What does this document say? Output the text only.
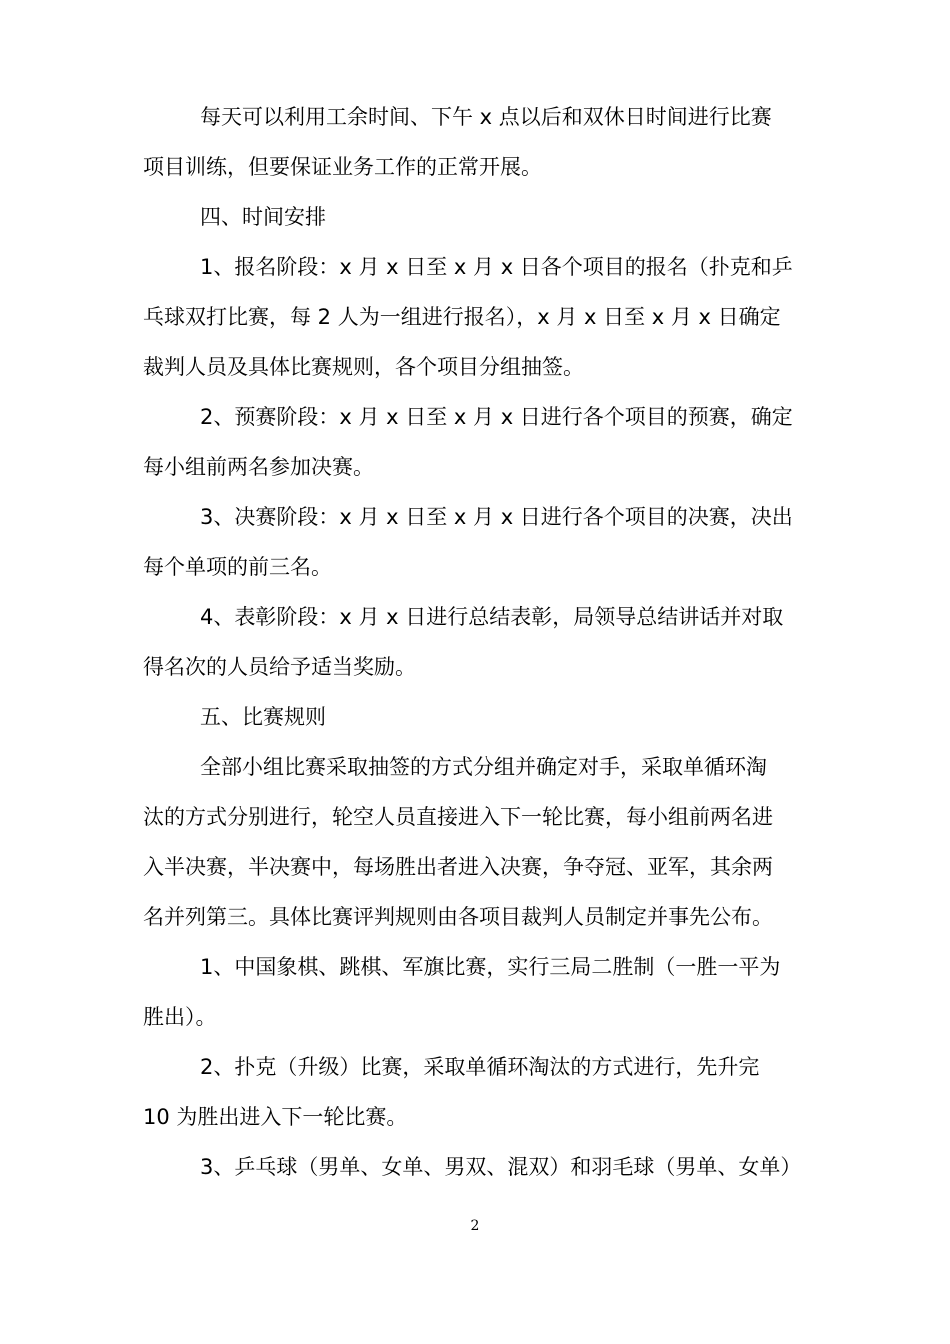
每天可以利用工余时间、下午 x 点以后和双休日时间进行比赛
项目训练，但要保证业务工作的正常开展。
四、时间安排
1、报名阶段：x 月 x 日至 x 月 x 日各个项目的报名（扑克和乒
乓球双打比赛，每 2 人为一组进行报名），x 月 x 日至 x 月 x 日确定
裁判人员及具体比赛规则，各个项目分组抽签。
2、预赛阶段：x 月 x 日至 x 月 x 日进行各个项目的预赛，确定
每小组前两名参加决赛。
3、决赛阶段：x 月 x 日至 x 月 x 日进行各个项目的决赛，决出
每个单项的前三名。
4、表彰阶段：x 月 x 日进行总结表彰，局领导总结讲话并对取
得名次的人员给予适当奖励。
五、比赛规则
全部小组比赛采取抽签的方式分组并确定对手，采取单循环淘
汰的方式分别进行，轮空人员直接进入下一轮比赛，每小组前两名进
入半决赛，半决赛中，每场胜出者进入决赛，争夺冠、亚军，其余两
名并列第三。具体比赛评判规则由各项目裁判人员制定并事先公布。
1、中国象棋、跳棋、军旗比赛，实行三局二胜制（一胜一平为
胜出）。
2、扑克（升级）比赛，采取单循环淘汰的方式进行，先升完
10 为胜出进入下一轮比赛。
3、乒乓球（男单、女单、男双、混双）和羽毛球（男单、女单）
2
